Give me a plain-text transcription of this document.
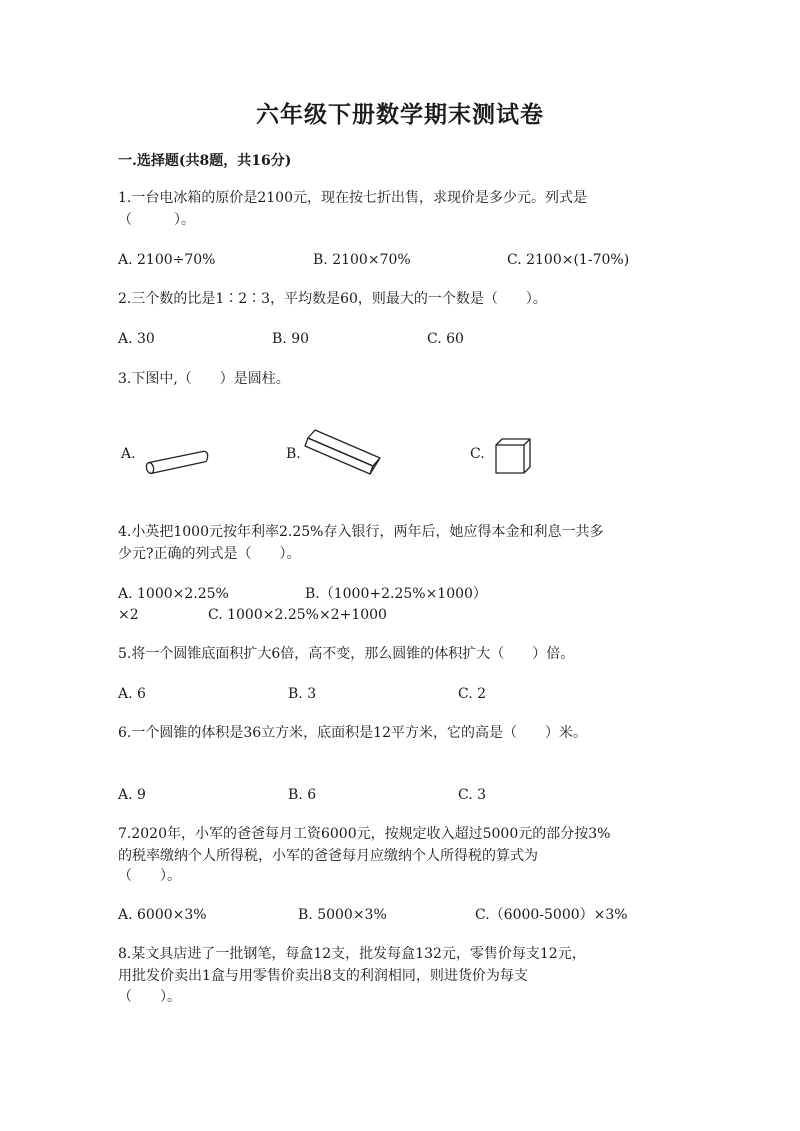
六年级下册数学期末测试卷
一.选择题(共8题，共16分)
1.一台电冰箱的原价是2100元，现在按七折出售，求现价是多少元。列式是
（　　　）。
A. 2100÷70%	B. 2100×70%	C. 2100×(1-70%)
2.三个数的比是1∶2∶3，平均数是60，则最大的一个数是（　　）。
A. 30	B. 90	C. 60
3.下图中,（　　）是圆柱。
A.	B.	C.
4.小英把1000元按年利率2.25%存入银行，两年后，她应得本金和利息一共多
少元?正确的列式是（　　）。
A. 1000×2.25%	B.（1000+2.25%×1000）
×2	C. 1000×2.25%×2+1000
5.将一个圆锥底面积扩大6倍，高不变，那么圆锥的体积扩大（　　）倍。
A. 6	B. 3	C. 2
6.一个圆锥的体积是36立方米，底面积是12平方米，它的高是（　　）米。
A. 9	B. 6	C. 3
7.2020年，小军的爸爸每月工资6000元，按规定收入超过5000元的部分按3%
的税率缴纳个人所得税，小军的爸爸每月应缴纳个人所得税的算式为
（　　）。
A. 6000×3%	B. 5000×3%	C.（6000-5000）×3%
8.某文具店进了一批钢笔，每盒12支，批发每盒132元，零售价每支12元，
用批发价卖出1盒与用零售价卖出8支的利润相同，则进货价为每支
（　　）。
